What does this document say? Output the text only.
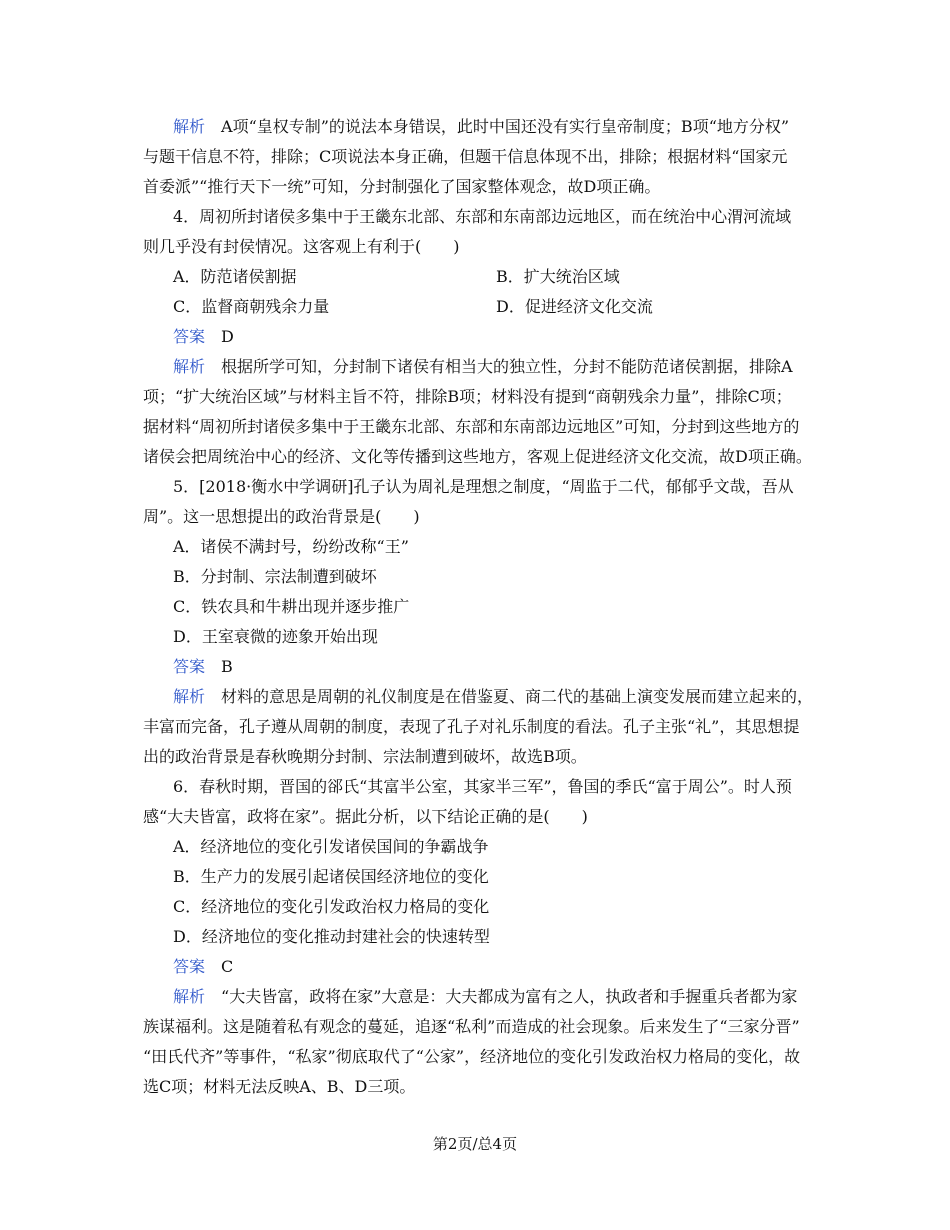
解析 A项“皇权专制”的说法本身错误，此时中国还没有实行皇帝制度；B项“地方分权”
与题干信息不符，排除；C项说法本身正确，但题干信息体现不出，排除；根据材料“国家元
首委派”“推行天下一统”可知，分封制强化了国家整体观念，故D项正确。
4．周初所封诸侯多集中于王畿东北部、东部和东南部边远地区，而在统治中心渭河流域
则几乎没有封侯情况。这客观上有利于(　　)
A．防范诸侯割据	B．扩大统治区域
C．监督商朝残余力量	D．促进经济文化交流
答案 D
解析 根据所学可知，分封制下诸侯有相当大的独立性，分封不能防范诸侯割据，排除A
项；“扩大统治区域”与材料主旨不符，排除B项；材料没有提到“商朝残余力量”，排除C项；
据材料“周初所封诸侯多集中于王畿东北部、东部和东南部边远地区”可知，分封到这些地方的
诸侯会把周统治中心的经济、文化等传播到这些地方，客观上促进经济文化交流，故D项正确。
5．[2018·衡水中学调研]孔子认为周礼是理想之制度，“周监于二代，郁郁乎文哉，吾从
周”。这一思想提出的政治背景是(　　)
A．诸侯不满封号，纷纷改称“王”
B．分封制、宗法制遭到破坏
C．铁农具和牛耕出现并逐步推广
D．王室衰微的迹象开始出现
答案 B
解析 材料的意思是周朝的礼仪制度是在借鉴夏、商二代的基础上演变发展而建立起来的，
丰富而完备，孔子遵从周朝的制度，表现了孔子对礼乐制度的看法。孔子主张“礼”，其思想提
出的政治背景是春秋晚期分封制、宗法制遭到破坏，故选B项。
6．春秋时期，晋国的郤氏“其富半公室，其家半三军”，鲁国的季氏“富于周公”。时人预
感“大夫皆富，政将在家”。据此分析，以下结论正确的是(　　)
A．经济地位的变化引发诸侯国间的争霸战争
B．生产力的发展引起诸侯国经济地位的变化
C．经济地位的变化引发政治权力格局的变化
D．经济地位的变化推动封建社会的快速转型
答案 C
解析 “大夫皆富，政将在家”大意是：大夫都成为富有之人，执政者和手握重兵者都为家
族谋福利。这是随着私有观念的蔓延，追逐“私利”而造成的社会现象。后来发生了“三家分晋”
“田氏代齐”等事件，“私家”彻底取代了“公家”，经济地位的变化引发政治权力格局的变化，故
选C项；材料无法反映A、B、D三项。
第2页/总4页
